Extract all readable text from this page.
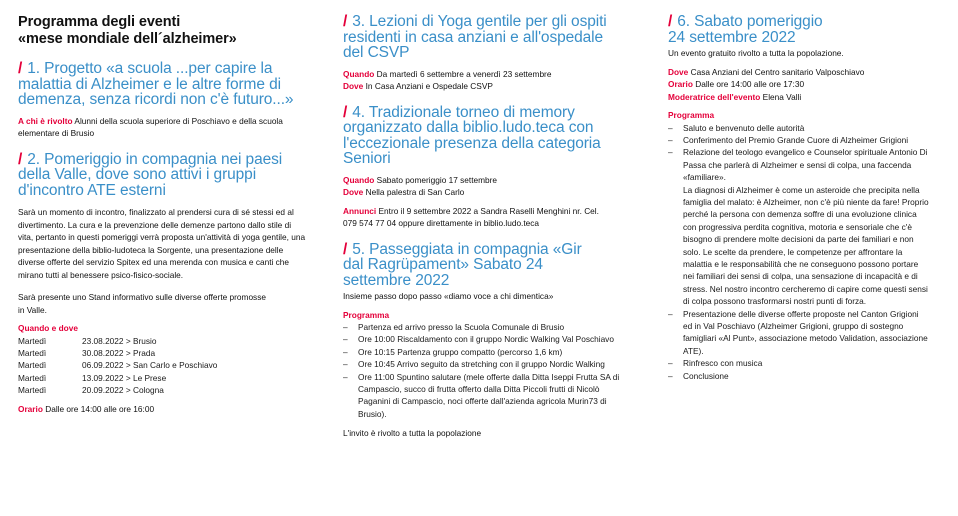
Programma degli eventi
«mese mondiale dell´alzheimer»
/ 1. Progetto «a scuola ...per capire la malattia di Alzheimer e le altre forme di demenza, senza ricordi non c'è futuro...»

A chi è rivolto Alunni della scuola superiore di Poschiavo e della scuola elementare di Brusio

/ 2. Pomeriggio in compagnia nei paesi della Valle, dove sono attivi i gruppi d'incontro ATE esterni

Sarà un momento di incontro, finalizzato al prendersi cura di sé stessi ed al divertimento. La cura e la prevenzione delle demenze partono dallo stile di vita, pertanto in questi pomeriggi verrà proposta un'attività di yoga gentile, una presentazione della biblio-ludoteca la Sorgente, una presentazione delle diverse offerte del servizio Spitex ed una merenda con musica e canti che mirano tutti al benessere psico-fisico-sociale.

Sarà presente uno Stand informativo sulle diverse offerte promosse in Valle.

Quando e dove

Martedì	23.08.2022 > Brusio
Martedì	30.08.2022 > Prada
Martedì	06.09.2022 > San Carlo e Poschiavo
Martedì	13.09.2022 > Le Prese
Martedì	20.09.2022 > Cologna

Orario Dalle ore 14:00 alle ore 16:00

/ 3. Lezioni di Yoga gentile per gli ospiti residenti in casa anziani e all'ospedale del CSVP

Quando Da martedì 6 settembre a venerdì 23 settembre

Dove In Casa Anziani e Ospedale CSVP

/ 4. Tradizionale torneo di memory organizzato dalla biblio.ludo.teca con l'eccezionale presenza della categoria Seniori

Quando Sabato pomeriggio 17 settembre

Dove Nella palestra di San Carlo

Annunci Entro il 9 settembre 2022 a Sandra Raselli Menghini nr. Cel. 079 574 77 04 oppure direttamente in biblio.ludo.teca

/ 5. Passeggiata in compagnia «Gir dal Ragrüpament» Sabato 24 settembre 2022

Insieme passo dopo passo «diamo voce a chi dimentica»

Programma

– Partenza ed arrivo presso la Scuola Comunale di Brusio
– Ore 10:00 Riscaldamento con il gruppo Nordic Walking Val Poschiavo
– Ore 10:15 Partenza gruppo compatto (percorso 1,6 km)
– Ore 10:45 Arrivo seguito da stretching con il gruppo Nordic Walking
– Ore 11:00 Spuntino salutare (mele offerte dalla Ditta Iseppi Frutta SA di Campascio, succo di frutta offerto dalla Ditta Piccoli frutti di Nicolò Paganini di Campascio, noci offerte dall'azienda agricola Murin73 di Brusio).

L'invito è rivolto a tutta la popolazione

/ 6. Sabato pomeriggio
24 settembre 2022

Un evento gratuito rivolto a tutta la popolazione.

Dove Casa Anziani del Centro sanitario Valposchiavo

Orario Dalle ore 14:00 alle ore 17:30

Moderatrice dell'evento Elena Valli

Programma

– Saluto e benvenuto delle autorità
– Conferimento del Premio Grande Cuore di Alzheimer Grigioni
– Relazione del teologo evangelico e Counselor spirituale Antonio Di Passa che parlerà di Alzheimer e sensi di colpa, una faccenda «familiare».
La diagnosi di Alzheimer è come un asteroide che precipita nella famiglia del malato: è Alzheimer, non c'è più niente da fare! Proprio perché la persona con demenza soffre di una evoluzione clinica con progressiva perdita cognitiva, motoria e sensoriale che c'è bisogno di prendere molte decisioni da parte dei familiari e non solo. Le scelte da prendere, le competenze per affrontare la malattia e le responsabilità che ne conseguono possono portare nei familiari dei sensi di colpa, una sensazione di incapacità e di stress. Nel nostro incontro cercheremo di capire come questi sensi di colpa possono trasformarsi nostri punti di forza.
– Presentazione delle diverse offerte proposte nel Canton Grigioni ed in Val Poschiavo (Alzheimer Grigioni, gruppo di sostegno famigliari «Al Punt», associazione metodo Validation, associazione ATE).
– Rinfresco con musica
– Conclusione
